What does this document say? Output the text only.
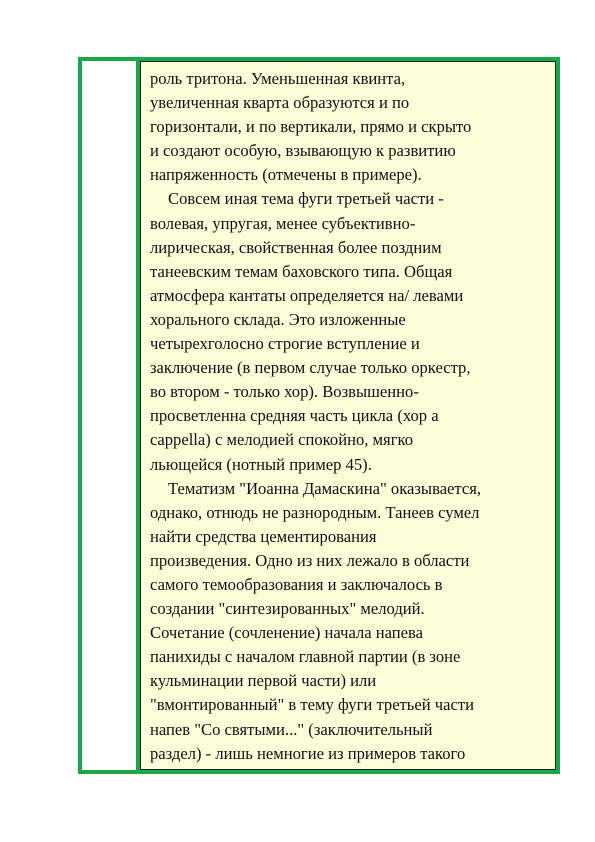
роль тритона. Уменьшенная квинта,
увеличенная кварта образуются и по
горизонтали, и по вертикали, прямо и скрыто
и создают особую, взывающую к развитию
напряженность (отмечены в примере).
Совсем иная тема фуги третьей части -
волевая, упругая, менее субъективно-
лирическая, свойственная более поздним
танеевским темам баховского типа. Общая
атмосфера кантаты определяется на/ левами
хорального склада. Это изложенные
четырехголосно строгие вступление и
заключение (в первом случае только оркестр,
во втором - только хор). Возвышенно-
просветленна средняя часть цикла (хор а
cappella) с мелодией спокойно, мягко
льющейся (нотный пример 45).
Тематизм "Иоанна Дамаскина" оказывается,
однако, отнюдь не разнородным. Танеев сумел
найти средства цементирования
произведения. Одно из них лежало в области
самого темообразования и заключалось в
создании "синтезированных" мелодий.
Сочетание (сочленение) начала напева
панихиды с началом главной партии (в зоне
кульминации первой части) или
"вмонтированный" в тему фуги третьей части
напев "Со святыми..." (заключительный
раздел) - лишь немногие из примеров такого
